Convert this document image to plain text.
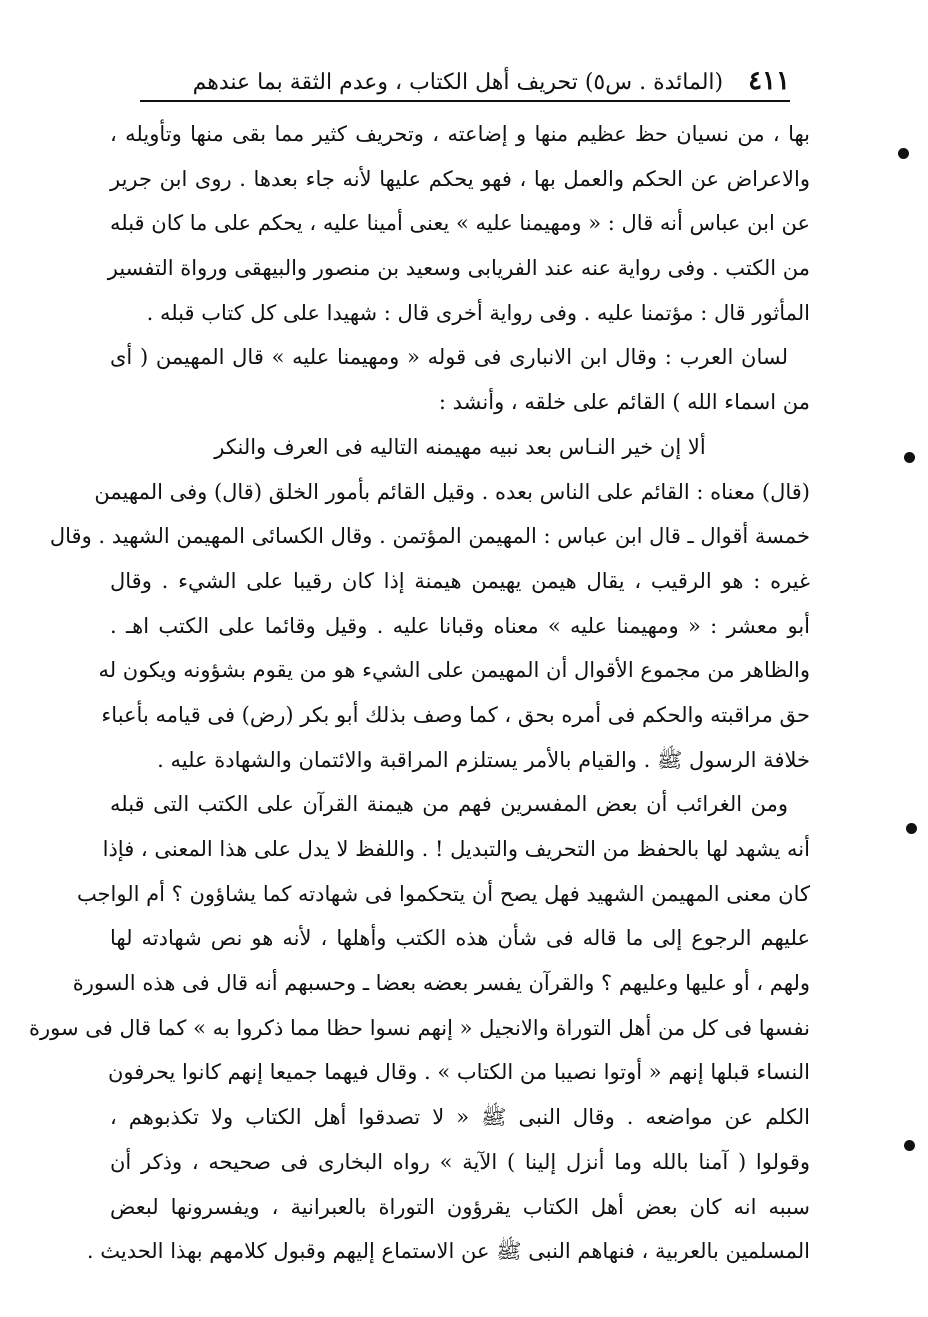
٤١١ (المائدة . س٥) تحريف أهل الكتاب ، وعدم الثقة بما عندهم
بها ، من نسيان حظ عظيم منها و إضاعته ، وتحريف كثير مما بقى منها وتأويله ،
والاعراض عن الحكم والعمل بها ، فهو يحكم عليها لأنه جاء بعدها . روى ابن جرير
عن ابن عباس أنه قال : « ومهيمنا عليه » يعنى أمينا عليه ، يحكم على ما كان قبله
من الكتب . وفى رواية عنه عند الفريابى وسعيد بن منصور والبيهقى ورواة التفسير
المأثور قال : مؤتمنا عليه . وفى رواية أخرى قال : شهيدا على كل كتاب قبله .
لسان العرب : وقال ابن الانبارى فى قوله « ومهيمنا عليه » قال المهيمن ( أى
من اسماء الله ) القائم على خلقه ، وأنشد :
ألا إن خير النـاس بعد نبيه مهيمنه التاليه فى العرف والنكر
(قال) معناه : القائم على الناس بعده . وقيل القائم بأمور الخلق (قال) وفى المهيمن
خمسة أقوال ـ قال ابن عباس : المهيمن المؤتمن . وقال الكسائى المهيمن الشهيد . وقال
غيره : هو الرقيب ، يقال هيمن يهيمن هيمنة إذا كان رقيبا على الشيء . وقال
أبو معشر : « ومهيمنا عليه » معناه وقبانا عليه . وقيل وقائما على الكتب اهـ .
والظاهر من مجموع الأقوال أن المهيمن على الشيء هو من يقوم بشؤونه ويكون له
حق مراقبته والحكم فى أمره بحق ، كما وصف بذلك أبو بكر (رض) فى قيامه بأعباء
خلافة الرسول ﷺ . والقيام بالأمر يستلزم المراقبة والائتمان والشهادة عليه .
ومن الغرائب أن بعض المفسرين فهم من هيمنة القرآن على الكتب التى قبله
أنه يشهد لها بالحفظ من التحريف والتبديل ! . واللفظ لا يدل على هذا المعنى ، فإذا
كان معنى المهيمن الشهيد فهل يصح أن يتحكموا فى شهادته كما يشاؤون ؟ أم الواجب
عليهم الرجوع إلى ما قاله فى شأن هذه الكتب وأهلها ، لأنه هو نص شهادته لها
ولهم ، أو عليها وعليهم ؟ والقرآن يفسر بعضه بعضا ـ وحسبهم أنه قال فى هذه السورة
نفسها فى كل من أهل التوراة والانجيل « إنهم نسوا حظا مما ذكروا به » كما قال فى سورة
النساء قبلها إنهم « أوتوا نصيبا من الكتاب » . وقال فيهما جميعا إنهم كانوا يحرفون
الكلم عن مواضعه . وقال النبى ﷺ « لا تصدقوا أهل الكتاب ولا تكذبوهم ،
وقولوا ( آمنا بالله وما أنزل إلينا ) الآية » رواه البخارى فى صحيحه ، وذكر أن
سببه انه كان بعض أهل الكتاب يقرؤون التوراة بالعبرانية ، ويفسرونها لبعض
المسلمين بالعربية ، فنهاهم النبى ﷺ عن الاستماع إليهم وقبول كلامهم بهذا الحديث .
